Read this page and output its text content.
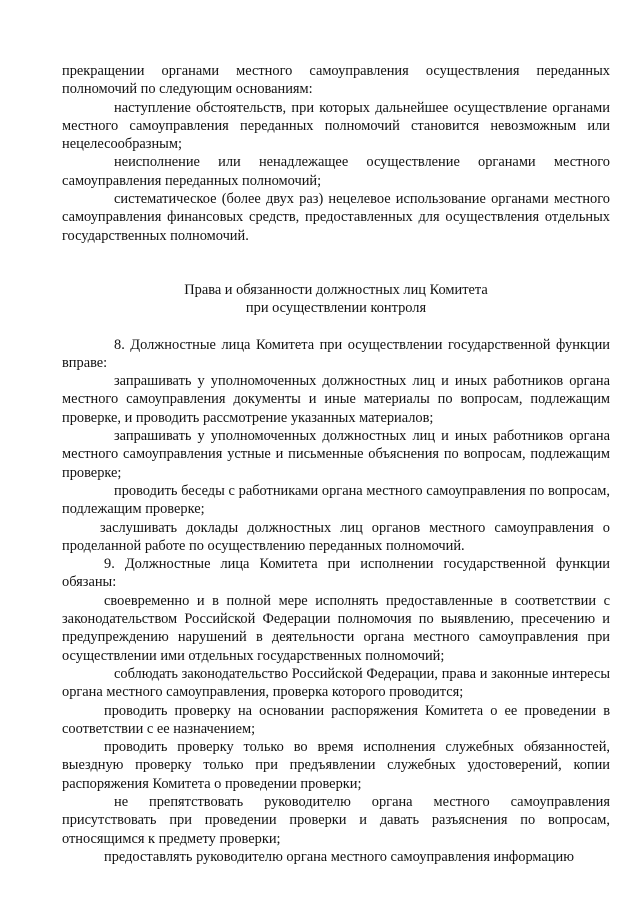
прекращении органами местного самоуправления осуществления переданных полномочий по следующим основаниям:

наступление обстоятельств, при которых дальнейшее осуществление органами местного самоуправления переданных полномочий становится невозможным или нецелесообразным;

неисполнение или ненадлежащее осуществление органами местного самоуправления переданных полномочий;

систематическое (более двух раз) нецелевое использование органами местного самоуправления финансовых средств, предоставленных для осуществления отдельных государственных полномочий.

Права и обязанности должностных лиц Комитета

при осуществлении контроля

8. Должностные лица Комитета при осуществлении государственной функции вправе:

запрашивать у уполномоченных должностных лиц и иных работников органа местного самоуправления документы и иные материалы по вопросам, подлежащим проверке, и проводить рассмотрение указанных материалов;

запрашивать у уполномоченных должностных лиц и иных работников органа местного самоуправления устные и письменные объяснения по вопросам, подлежащим проверке;

проводить беседы с работниками органа местного самоуправления по вопросам, подлежащим проверке;

заслушивать доклады должностных лиц органов местного самоуправления о проделанной работе по осуществлению переданных полномочий.

9. Должностные лица Комитета при исполнении государственной функции обязаны:

своевременно и в полной мере исполнять предоставленные в соответствии с законодательством Российской Федерации полномочия по выявлению, пресечению и предупреждению нарушений в деятельности органа местного самоуправления при осуществлении ими отдельных государственных полномочий;

соблюдать законодательство Российской Федерации, права и законные интересы органа местного самоуправления, проверка которого проводится;

проводить проверку на основании распоряжения Комитета о ее проведении в соответствии с ее назначением;

проводить проверку только во время исполнения служебных обязанностей, выездную проверку только при предъявлении служебных удостоверений, копии распоряжения Комитета о проведении проверки;

не препятствовать руководителю органа местного самоуправления присутствовать при проведении проверки и давать разъяснения по вопросам, относящимся к предмету проверки;

предоставлять руководителю органа местного самоуправления информацию
